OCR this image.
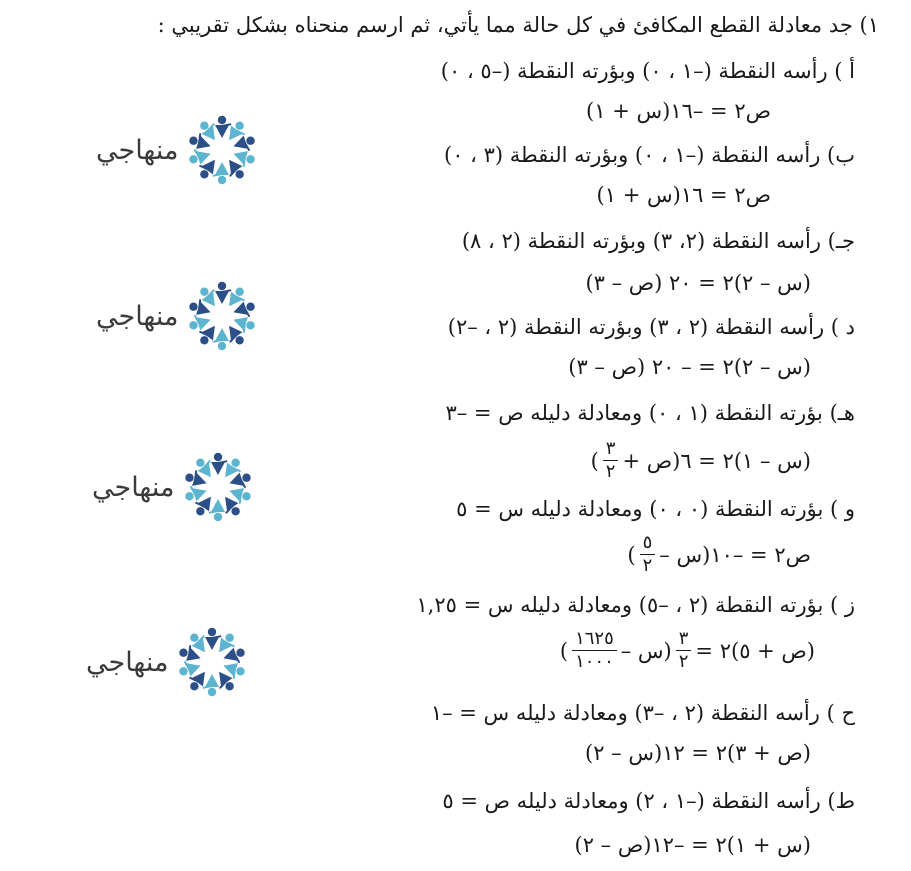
١) جد معادلة القطع المكافئ في كل حالة مما يأتي، ثم ارسم منحناه بشكل تقريبي :
أ ) رأسه النقطة (–١ ، ٠) وبؤرته النقطة (–٥ ، ٠)
ص٢ = –١٦(س + ١)
ب) رأسه النقطة (–١ ، ٠) وبؤرته النقطة (٣ ، ٠)
ص٢ = ١٦(س + ١)
جـ) رأسه النقطة (٢، ٣) وبؤرته النقطة (٢ ، ٨)
(س – ٢)٢ = ٢٠ (ص – ٣)
د ) رأسه النقطة (٢ ، ٣) وبؤرته النقطة (٢ ، –٢)
(س – ٢)٢ = – ٢٠ (ص – ٣)
هـ) بؤرته النقطة (١ ، ٠) ومعادلة دليله ص = –٣
(س – ١)٢ = ٦(ص +
$\frac{٣}{٢}$
)
و ) بؤرته النقطة (٠ ، ٠) ومعادلة دليله س = ٥
ص٢ = –١٠(س –
$\frac{٥}{٢}$
)
ز ) بؤرته النقطة (٢ ، –٥) ومعادلة دليله س = ١,٢٥
(ص + ٥)٢ =
$\frac{٣}{٢}$
(س –
$\frac{١٦٢٥}{١٠٠٠}$
)
ح ) رأسه النقطة (٢ ، –٣) ومعادلة دليله س = –١
(ص + ٣)٢ = ١٢(س – ٢)
ط) رأسه النقطة (–١ ، ٢) ومعادلة دليله ص = ٥
(س + ١)٢ = –١٢(ص – ٢)
منهاجي
منهاجي
منهاجي
منهاجي
